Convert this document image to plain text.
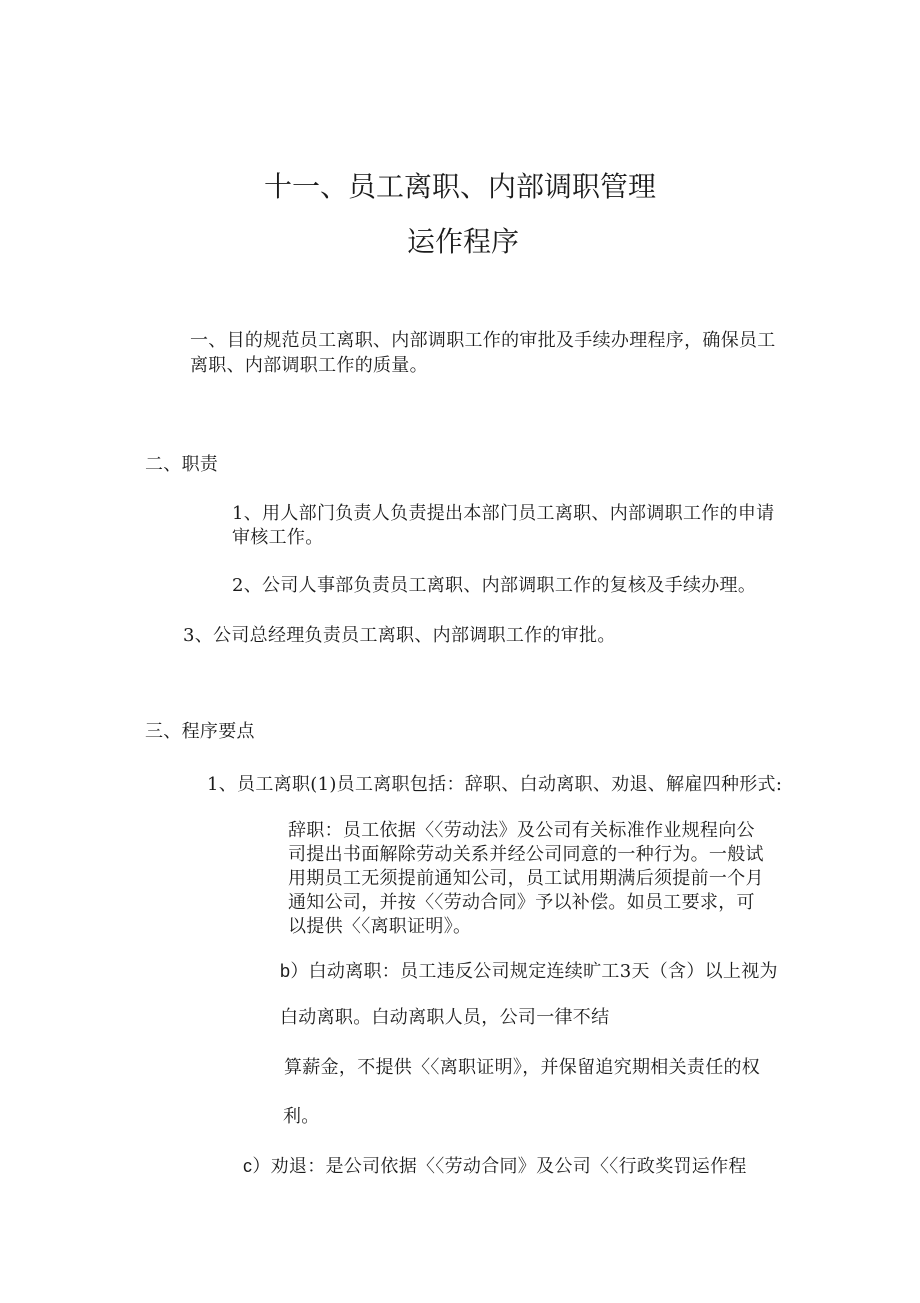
十一、员工离职、内部调职管理
运作程序
一、目的规范员工离职、内部调职工作的审批及手续办理程序，确保员工
离职、内部调职工作的质量。
二、职责
1、用人部门负责人负责提出本部门员工离职、内部调职工作的申请
审核工作。
2、公司人事部负责员工离职、内部调职工作的复核及手续办理。
3、公司总经理负责员工离职、内部调职工作的审批。
三、程序要点
1、员工离职(1)员工离职包括：辞职、白动离职、劝退、解雇四种形式:
辞职：员工依据〈〈劳动法》及公司有关标准作业规程向公
司提出书面解除劳动关系并经公司同意的一种行为。一般试
用期员工无须提前通知公司，员工试用期满后须提前一个月
通知公司，并按〈〈劳动合同》予以补偿。如员工要求，可
以提供〈〈离职证明》。
b）白动离职：员工违反公司规定连续旷工3天（含）以上视为
白动离职。白动离职人员，公司一律不结
算薪金，不提供〈〈离职证明》，并保留追究期相关责任的权
利。
c）劝退：是公司依据〈〈劳动合同》及公司〈〈行政奖罚运作程
